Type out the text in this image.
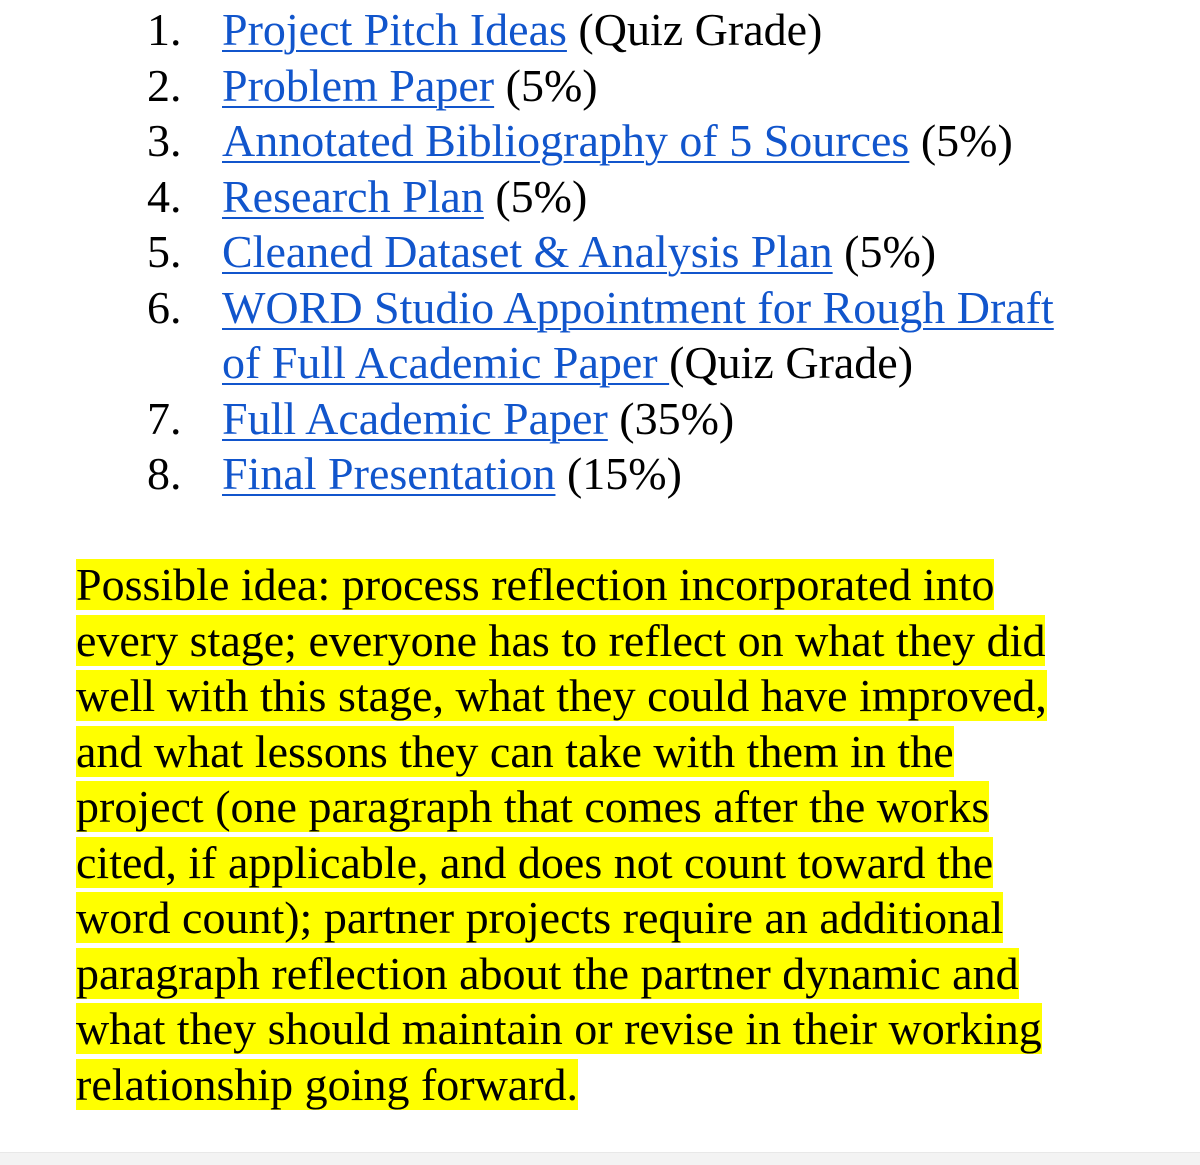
1. Project Pitch Ideas (Quiz Grade)
2. Problem Paper (5%)
3. Annotated Bibliography of 5 Sources (5%)
4. Research Plan (5%)
5. Cleaned Dataset & Analysis Plan (5%)
6. WORD Studio Appointment for Rough Draft
of Full Academic Paper (Quiz Grade)
7. Full Academic Paper (35%)
8. Final Presentation (15%)

Possible idea: process reflection incorporated into
every stage; everyone has to reflect on what they did
well with this stage, what they could have improved,
and what lessons they can take with them in the
project (one paragraph that comes after the works
cited, if applicable, and does not count toward the
word count); partner projects require an additional
paragraph reflection about the partner dynamic and
what they should maintain or revise in their working
relationship going forward.
